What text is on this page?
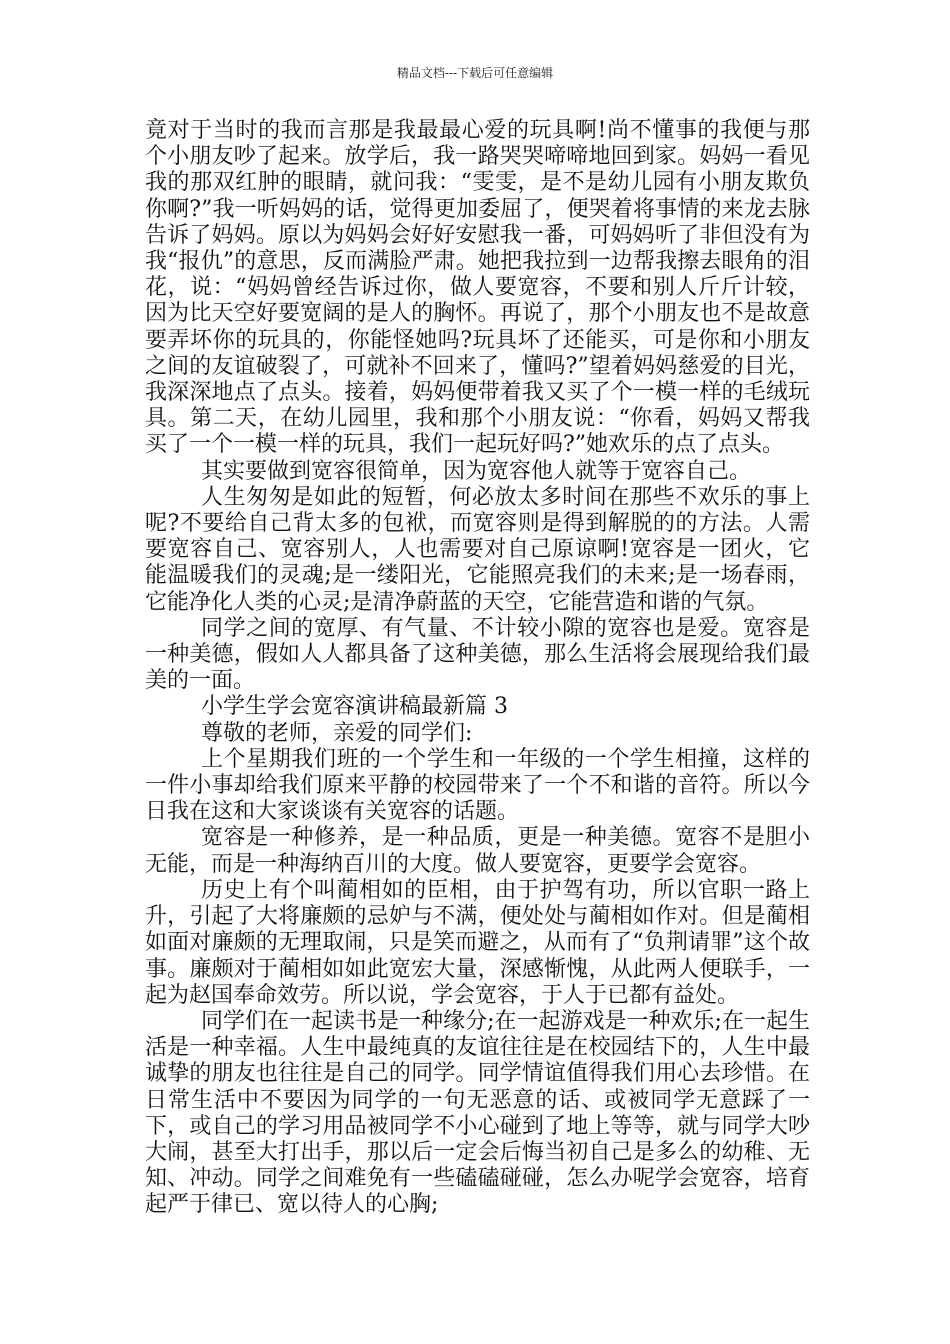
精品文档---下载后可任意编辑

竟对于当时的我而言那是我最最心爱的玩具啊!尚不懂事的我便与那个小朋友吵了起来。放学后，我一路哭哭啼啼地回到家。妈妈一看见我的那双红肿的眼睛，就问我：“雯雯，是不是幼儿园有小朋友欺负你啊?”我一听妈妈的话，觉得更加委屈了，便哭着将事情的来龙去脉告诉了妈妈。原以为妈妈会好好安慰我一番，可妈妈听了非但没有为我“报仇”的意思，反而满脸严肃。她把我拉到一边帮我擦去眼角的泪花，说：“妈妈曾经告诉过你，做人要宽容，不要和别人斤斤计较，因为比天空好要宽阔的是人的胸怀。再说了，那个小朋友也不是故意要弄坏你的玩具的，你能怪她吗?玩具坏了还能买，可是你和小朋友之间的友谊破裂了，可就补不回来了，懂吗?”望着妈妈慈爱的目光，我深深地点了点头。接着，妈妈便带着我又买了个一模一样的毛绒玩具。第二天，在幼儿园里，我和那个小朋友说：“你看，妈妈又帮我买了一个一模一样的玩具，我们一起玩好吗?”她欢乐的点了点头。

其实要做到宽容很简单，因为宽容他人就等于宽容自己。

人生匆匆是如此的短暂，何必放太多时间在那些不欢乐的事上呢?不要给自己背太多的包袱，而宽容则是得到解脱的的方法。人需要宽容自己、宽容别人，人也需要对自己原谅啊!宽容是一团火，它能温暖我们的灵魂;是一缕阳光，它能照亮我们的未来;是一场春雨，它能净化人类的心灵;是清净蔚蓝的天空，它能营造和谐的气氛。

同学之间的宽厚、有气量、不计较小隙的宽容也是爱。宽容是一种美德，假如人人都具备了这种美德，那么生活将会展现给我们最美的一面。

小学生学会宽容演讲稿最新篇 3

尊敬的老师，亲爱的同学们:

上个星期我们班的一个学生和一年级的一个学生相撞，这样的一件小事却给我们原来平静的校园带来了一个不和谐的音符。所以今日我在这和大家谈谈有关宽容的话题。

宽容是一种修养，是一种品质，更是一种美德。宽容不是胆小无能，而是一种海纳百川的大度。做人要宽容，更要学会宽容。

历史上有个叫蔺相如的臣相，由于护驾有功，所以官职一路上升，引起了大将廉颇的忌妒与不满，便处处与蔺相如作对。但是蔺相如面对廉颇的无理取闹，只是笑而避之，从而有了“负荆请罪”这个故事。廉颇对于蔺相如如此宽宏大量，深感惭愧，从此两人便联手，一起为赵国奉命效劳。所以说，学会宽容，于人于已都有益处。

同学们在一起读书是一种缘分;在一起游戏是一种欢乐;在一起生活是一种幸福。人生中最纯真的友谊往往是在校园结下的，人生中最诚挚的朋友也往往是自己的同学。同学情谊值得我们用心去珍惜。在日常生活中不要因为同学的一句无恶意的话、或被同学无意踩了一下，或自己的学习用品被同学不小心碰到了地上等等，就与同学大吵大闹，甚至大打出手，那以后一定会后悔当初自己是多么的幼稚、无知、冲动。同学之间难免有一些磕磕碰碰，怎么办呢学会宽容，培育起严于律已、宽以待人的心胸;
